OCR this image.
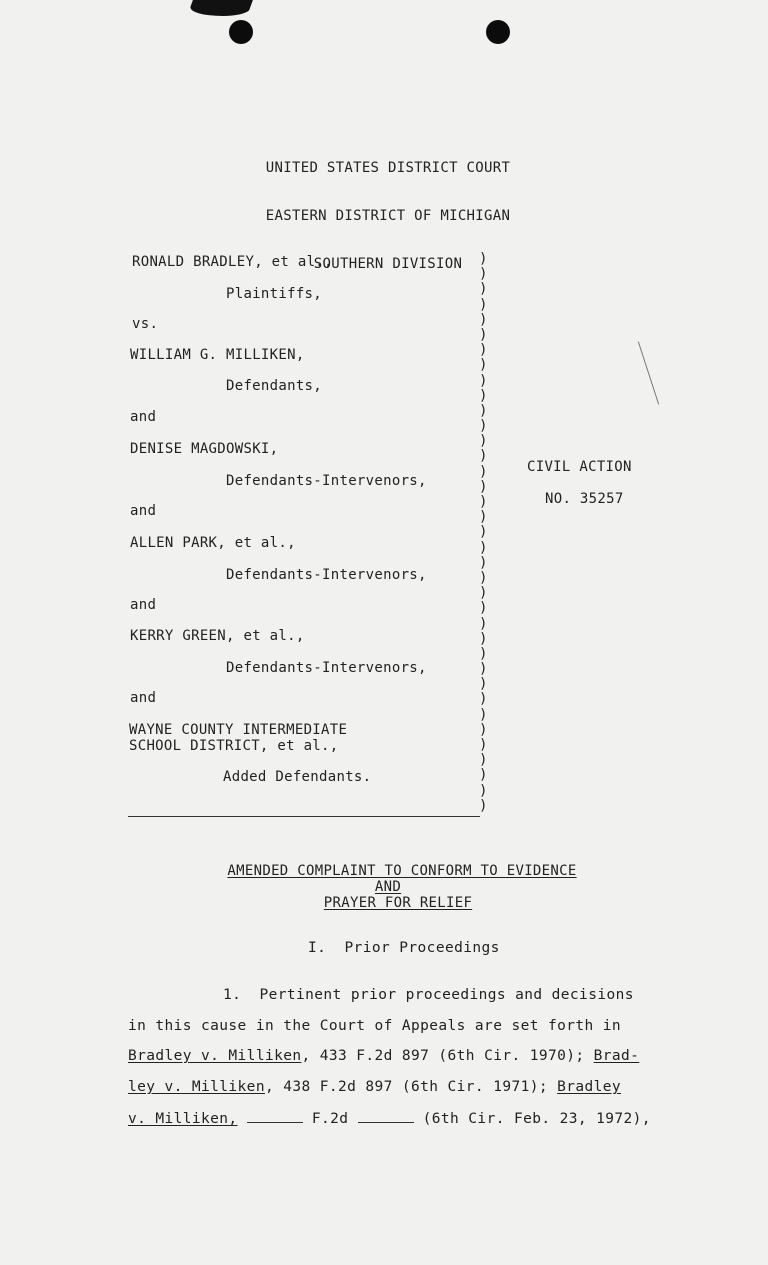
UNITED STATES DISTRICT COURT

EASTERN DISTRICT OF MICHIGAN

SOUTHERN DIVISION

RONALD BRADLEY, et al.,
Plaintiffs,
vs.
WILLIAM G. MILLIKEN,
Defendants,
and
DENISE MAGDOWSKI,
Defendants-Intervenors,
and
ALLEN PARK, et al.,
Defendants-Intervenors,
and
KERRY GREEN, et al.,
Defendants-Intervenors,
and
WAYNE COUNTY INTERMEDIATE
SCHOOL DISTRICT, et al.,
Added Defendants.
)
)
)
)
)
)
)
)
)
)
)
)
)
)
)
)
)
)
)
)
)
)
)
)
)
)
)
)
)
)
)
)
)
)
)
)
)
CIVIL ACTION
NO. 35257
AMENDED COMPLAINT TO CONFORM TO EVIDENCE
AND
PRAYER FOR RELIEF
I.  Prior Proceedings
1.  Pertinent prior proceedings and decisions
in this cause in the Court of Appeals are set forth in
Bradley v. Milliken, 433 F.2d 897 (6th Cir. 1970); Brad-
ley v. Milliken, 438 F.2d 897 (6th Cir. 1971); Bradley
v. Milliken,	F.2d	(6th Cir. Feb. 23, 1972),
